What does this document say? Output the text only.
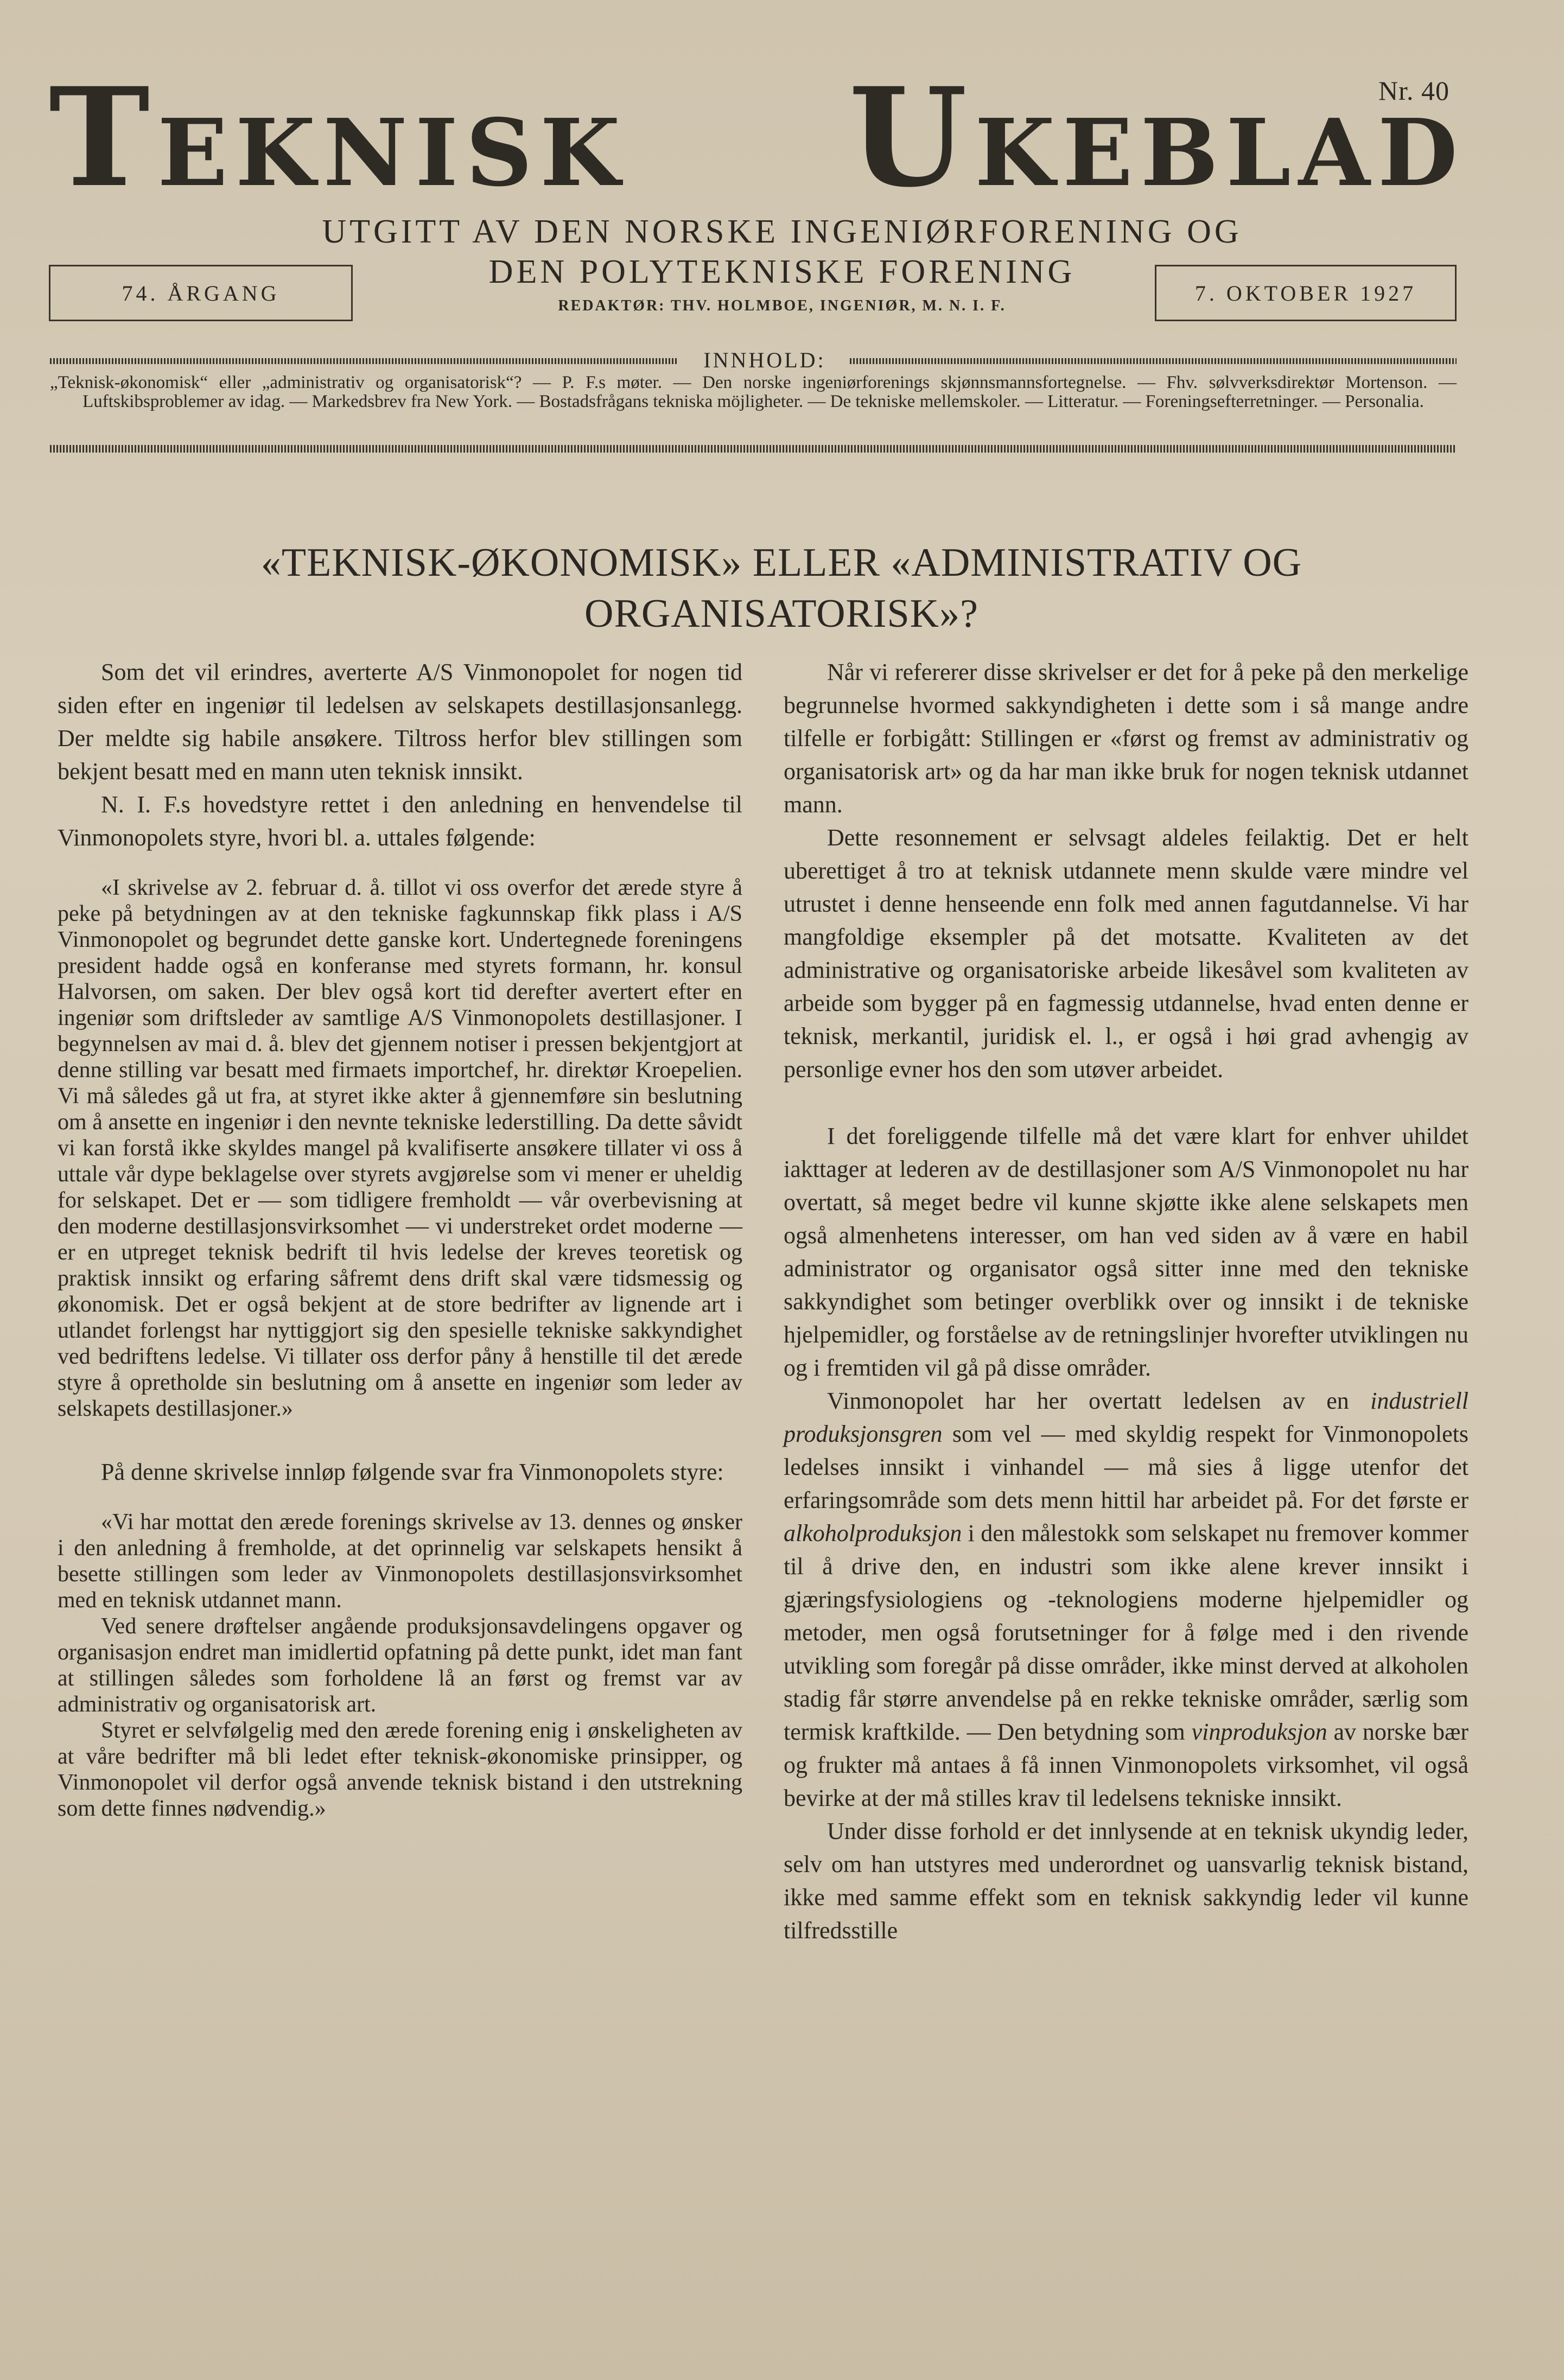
Nr. 40
TEKNISK UKEBLAD
UTGITT AV DEN NORSKE INGENIØRFORENING OG
DEN POLYTEKNISKE FORENING
REDAKTØR: THV. HOLMBOE, INGENIØR, M. N. I. F.
74. ÅRGANG	7. OKTOBER 1927
INNHOLD:
„Teknisk-økonomisk“ eller „administrativ og organisatorisk“? — P. F.s møter. — Den norske ingeniørforenings skjønnsmannsfortegnelse. — Fhv. sølvverksdirektør Mortenson. — Luftskibsproblemer av idag. — Markedsbrev fra New York. — Bostadsfrågans tekniska möjligheter. — De tekniske mellemskoler. — Litteratur. — Foreningsefterretninger. — Personalia.
«TEKNISK-ØKONOMISK» ELLER «ADMINISTRATIV OG
ORGANISATORISK»?

Som det vil erindres, averterte A/S Vinmonopolet for nogen tid siden efter en ingeniør til ledelsen av selskapets destillasjonsanlegg. Der meldte sig habile ansøkere. Tiltross herfor blev stillingen som bekjent besatt med en mann uten teknisk innsikt.

N. I. F.s hovedstyre rettet i den anledning en henvendelse til Vinmonopolets styre, hvori bl. a. uttales følgende:

«I skrivelse av 2. februar d. å. tillot vi oss overfor det ærede styre å peke på betydningen av at den tekniske fagkunnskap fikk plass i A/S Vinmonopolet og begrundet dette ganske kort. Undertegnede foreningens president hadde også en konferanse med styrets formann, hr. konsul Halvorsen, om saken. Der blev også kort tid derefter avertert efter en ingeniør som driftsleder av samtlige A/S Vinmonopolets destillasjoner. I begynnelsen av mai d. å. blev det gjennem notiser i pressen bekjentgjort at denne stilling var besatt med firmaets importchef, hr. direktør Kroepelien. Vi må således gå ut fra, at styret ikke akter å gjennemføre sin beslutning om å ansette en ingeniør i den nevnte tekniske lederstilling. Da dette såvidt vi kan forstå ikke skyldes mangel på kvalifiserte ansøkere tillater vi oss å uttale vår dype beklagelse over styrets avgjørelse som vi mener er uheldig for selskapet. Det er — som tidligere fremholdt — vår overbevisning at den moderne destillasjonsvirksomhet — vi understreket ordet moderne — er en utpreget teknisk bedrift til hvis ledelse der kreves teoretisk og praktisk innsikt og erfaring såfremt dens drift skal være tidsmessig og økonomisk. Det er også bekjent at de store bedrifter av lignende art i utlandet forlengst har nyttiggjort sig den spesielle tekniske sakkyndighet ved bedriftens ledelse. Vi tillater oss derfor påny å henstille til det ærede styre å opretholde sin beslutning om å ansette en ingeniør som leder av selskapets destillasjoner.»

På denne skrivelse innløp følgende svar fra Vinmonopolets styre:

«Vi har mottat den ærede forenings skrivelse av 13. dennes og ønsker i den anledning å fremholde, at det oprinnelig var selskapets hensikt å besette stillingen som leder av Vinmonopolets destillasjonsvirksomhet med en teknisk utdannet mann.

Ved senere drøftelser angående produksjonsavdelingens opgaver og organisasjon endret man imidlertid opfatning på dette punkt, idet man fant at stillingen således som forholdene lå an først og fremst var av administrativ og organisatorisk art.

Styret er selvfølgelig med den ærede forening enig i ønskeligheten av at våre bedrifter må bli ledet efter teknisk-økonomiske prinsipper, og Vinmonopolet vil derfor også anvende teknisk bistand i den utstrekning som dette finnes nødvendig.»

Når vi refererer disse skrivelser er det for å peke på den merkelige begrunnelse hvormed sakkyndigheten i dette som i så mange andre tilfelle er forbigått: Stillingen er «først og fremst av administrativ og organisatorisk art» og da har man ikke bruk for nogen teknisk utdannet mann.

Dette resonnement er selvsagt aldeles feilaktig. Det er helt uberettiget å tro at teknisk utdannete menn skulde være mindre vel utrustet i denne henseende enn folk med annen fagutdannelse. Vi har mangfoldige eksempler på det motsatte. Kvaliteten av det administrative og organisatoriske arbeide likesåvel som kvaliteten av arbeide som bygger på en fagmessig utdannelse, hvad enten denne er teknisk, merkantil, juridisk el. l., er også i høi grad avhengig av personlige evner hos den som utøver arbeidet.

I det foreliggende tilfelle må det være klart for enhver uhildet iakttager at lederen av de destillasjoner som A/S Vinmonopolet nu har overtatt, så meget bedre vil kunne skjøtte ikke alene selskapets men også almenhetens interesser, om han ved siden av å være en habil administrator og organisator også sitter inne med den tekniske sakkyndighet som betinger overblikk over og innsikt i de tekniske hjelpemidler, og forståelse av de retningslinjer hvorefter utviklingen nu og i fremtiden vil gå på disse områder.

Vinmonopolet har her overtatt ledelsen av en industriell produksjonsgren som vel — med skyldig respekt for Vinmonopolets ledelses innsikt i vinhandel — må sies å ligge utenfor det erfaringsområde som dets menn hittil har arbeidet på. For det første er alkoholproduksjon i den målestokk som selskapet nu fremover kommer til å drive den, en industri som ikke alene krever innsikt i gjæringsfysiologiens og -teknologiens moderne hjelpemidler og metoder, men også forutsetninger for å følge med i den rivende utvikling som foregår på disse områder, ikke minst derved at alkoholen stadig får større anvendelse på en rekke tekniske områder, særlig som termisk kraftkilde. — Den betydning som vinproduksjon av norske bær og frukter må antaes å få innen Vinmonopolets virksomhet, vil også bevirke at der må stilles krav til ledelsens tekniske innsikt.

Under disse forhold er det innlysende at en teknisk ukyndig leder, selv om han utstyres med underordnet og uansvarlig teknisk bistand, ikke med samme effekt som en teknisk sakkyndig leder vil kunne tilfredsstille
